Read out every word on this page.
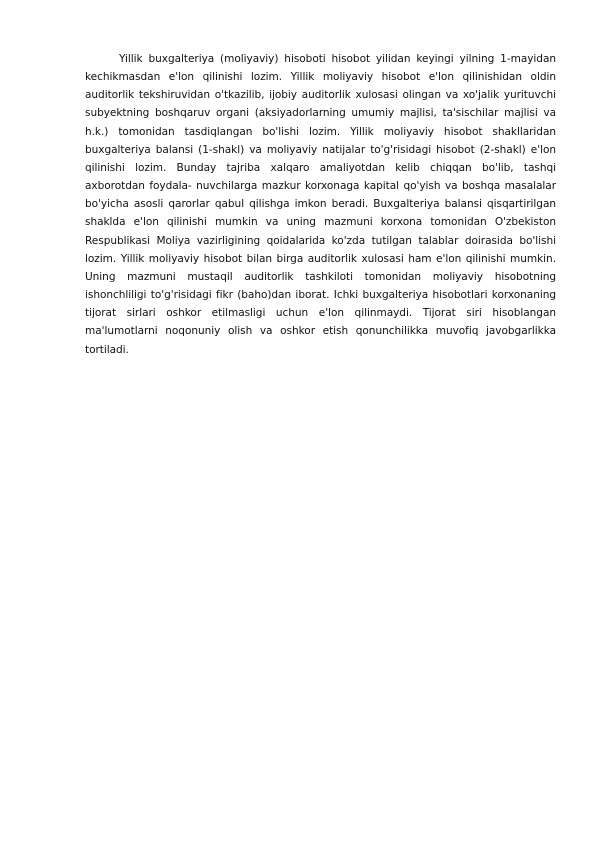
Yillik buxgalteriya (moliyaviy) hisoboti hisobot yilidan keyingi yilning 1-mayidan kechikmasdan e'lon qilinishi lozim. Yillik moliyaviy hisobot e'lon qilinishidan oldin auditorlik tekshiruvidan o'tkazilib, ijobiy auditorlik xulosasi olingan va xo'jalik yurituvchi subyektning boshqaruv organi (aksiyadorlarning umumiy majlisi, ta'sischilar majlisi va h.k.) tomonidan tasdiqlangan bo'lishi lozim. Yillik moliyaviy hisobot shakllaridan buxgalteriya balansi (1-shakl) va moliyaviy natijalar to'g'risidagi hisobot (2-shakl) e'lon qilinishi lozim. Bunday tajriba xalqaro amaliyotdan kelib chiqqan bo'lib, tashqi axborotdan foydala- nuvchilarga mazkur korxonaga kapital qo'yish va boshqa masalalar bo'yicha asosli qarorlar qabul qilishga imkon beradi. Buxgalteriya balansi qisqartirilgan shaklda e'lon qilinishi mumkin va uning mazmuni korxona tomonidan O'zbekiston Respublikasi Moliya vazirligining qoidalarida ko'zda tutilgan talablar doirasida bo'lishi lozim. Yillik moliyaviy hisobot bilan birga auditorlik xulosasi ham e'lon qilinishi mumkin. Uning mazmuni mustaqil auditorlik tashkiloti tomonidan moliyaviy hisobotning ishonchliligi to'g'risidagi fikr (baho)dan iborat. Ichki buxgalteriya hisobotlari korxonaning tijorat sirlari oshkor etilmasligi uchun e'lon qilinmaydi. Tijorat siri hisoblangan ma'lumotlarni noqonuniy olish va oshkor etish qonunchilikka muvofiq javobgarlikka tortiladi.
